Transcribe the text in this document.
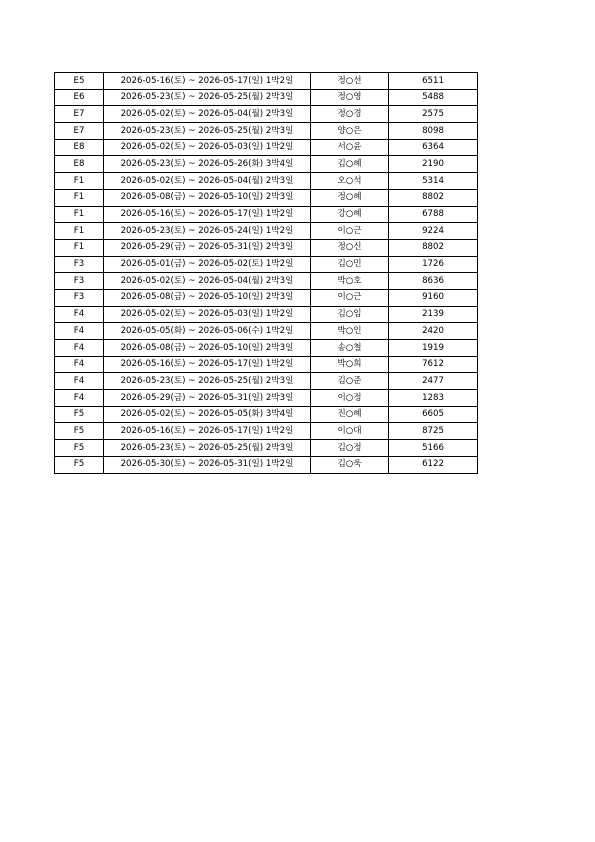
E5	2026-05-16(토) ~ 2026-05-17(일) 1박2일	정○선	6511
E6	2026-05-23(토) ~ 2026-05-25(월) 2박3일	정○영	5488
E7	2026-05-02(토) ~ 2026-05-04(월) 2박3일	정○경	2575
E7	2026-05-23(토) ~ 2026-05-25(월) 2박3일	양○은	8098
E8	2026-05-02(토) ~ 2026-05-03(일) 1박2일	서○윤	6364
E8	2026-05-23(토) ~ 2026-05-26(화) 3박4일	김○혜	2190
F1	2026-05-02(토) ~ 2026-05-04(월) 2박3일	오○석	5314
F1	2026-05-08(금) ~ 2026-05-10(일) 2박3일	정○혜	8802
F1	2026-05-16(토) ~ 2026-05-17(일) 1박2일	강○혜	6788
F1	2026-05-23(토) ~ 2026-05-24(일) 1박2일	이○근	9224
F1	2026-05-29(금) ~ 2026-05-31(일) 2박3일	정○신	8802
F3	2026-05-01(금) ~ 2026-05-02(토) 1박2일	김○민	1726
F3	2026-05-02(토) ~ 2026-05-04(월) 2박3일	박○호	8636
F3	2026-05-08(금) ~ 2026-05-10(일) 2박3일	이○근	9160
F4	2026-05-02(토) ~ 2026-05-03(일) 1박2일	김○임	2139
F4	2026-05-05(화) ~ 2026-05-06(수) 1박2일	박○인	2420
F4	2026-05-08(금) ~ 2026-05-10(일) 2박3일	송○철	1919
F4	2026-05-16(토) ~ 2026-05-17(일) 1박2일	박○희	7612
F4	2026-05-23(토) ~ 2026-05-25(월) 2박3일	김○준	2477
F4	2026-05-29(금) ~ 2026-05-31(일) 2박3일	이○정	1283
F5	2026-05-02(토) ~ 2026-05-05(화) 3박4일	진○혜	6605
F5	2026-05-16(토) ~ 2026-05-17(일) 1박2일	이○대	8725
F5	2026-05-23(토) ~ 2026-05-25(월) 2박3일	김○정	5166
F5	2026-05-30(토) ~ 2026-05-31(일) 1박2일	김○욱	6122
